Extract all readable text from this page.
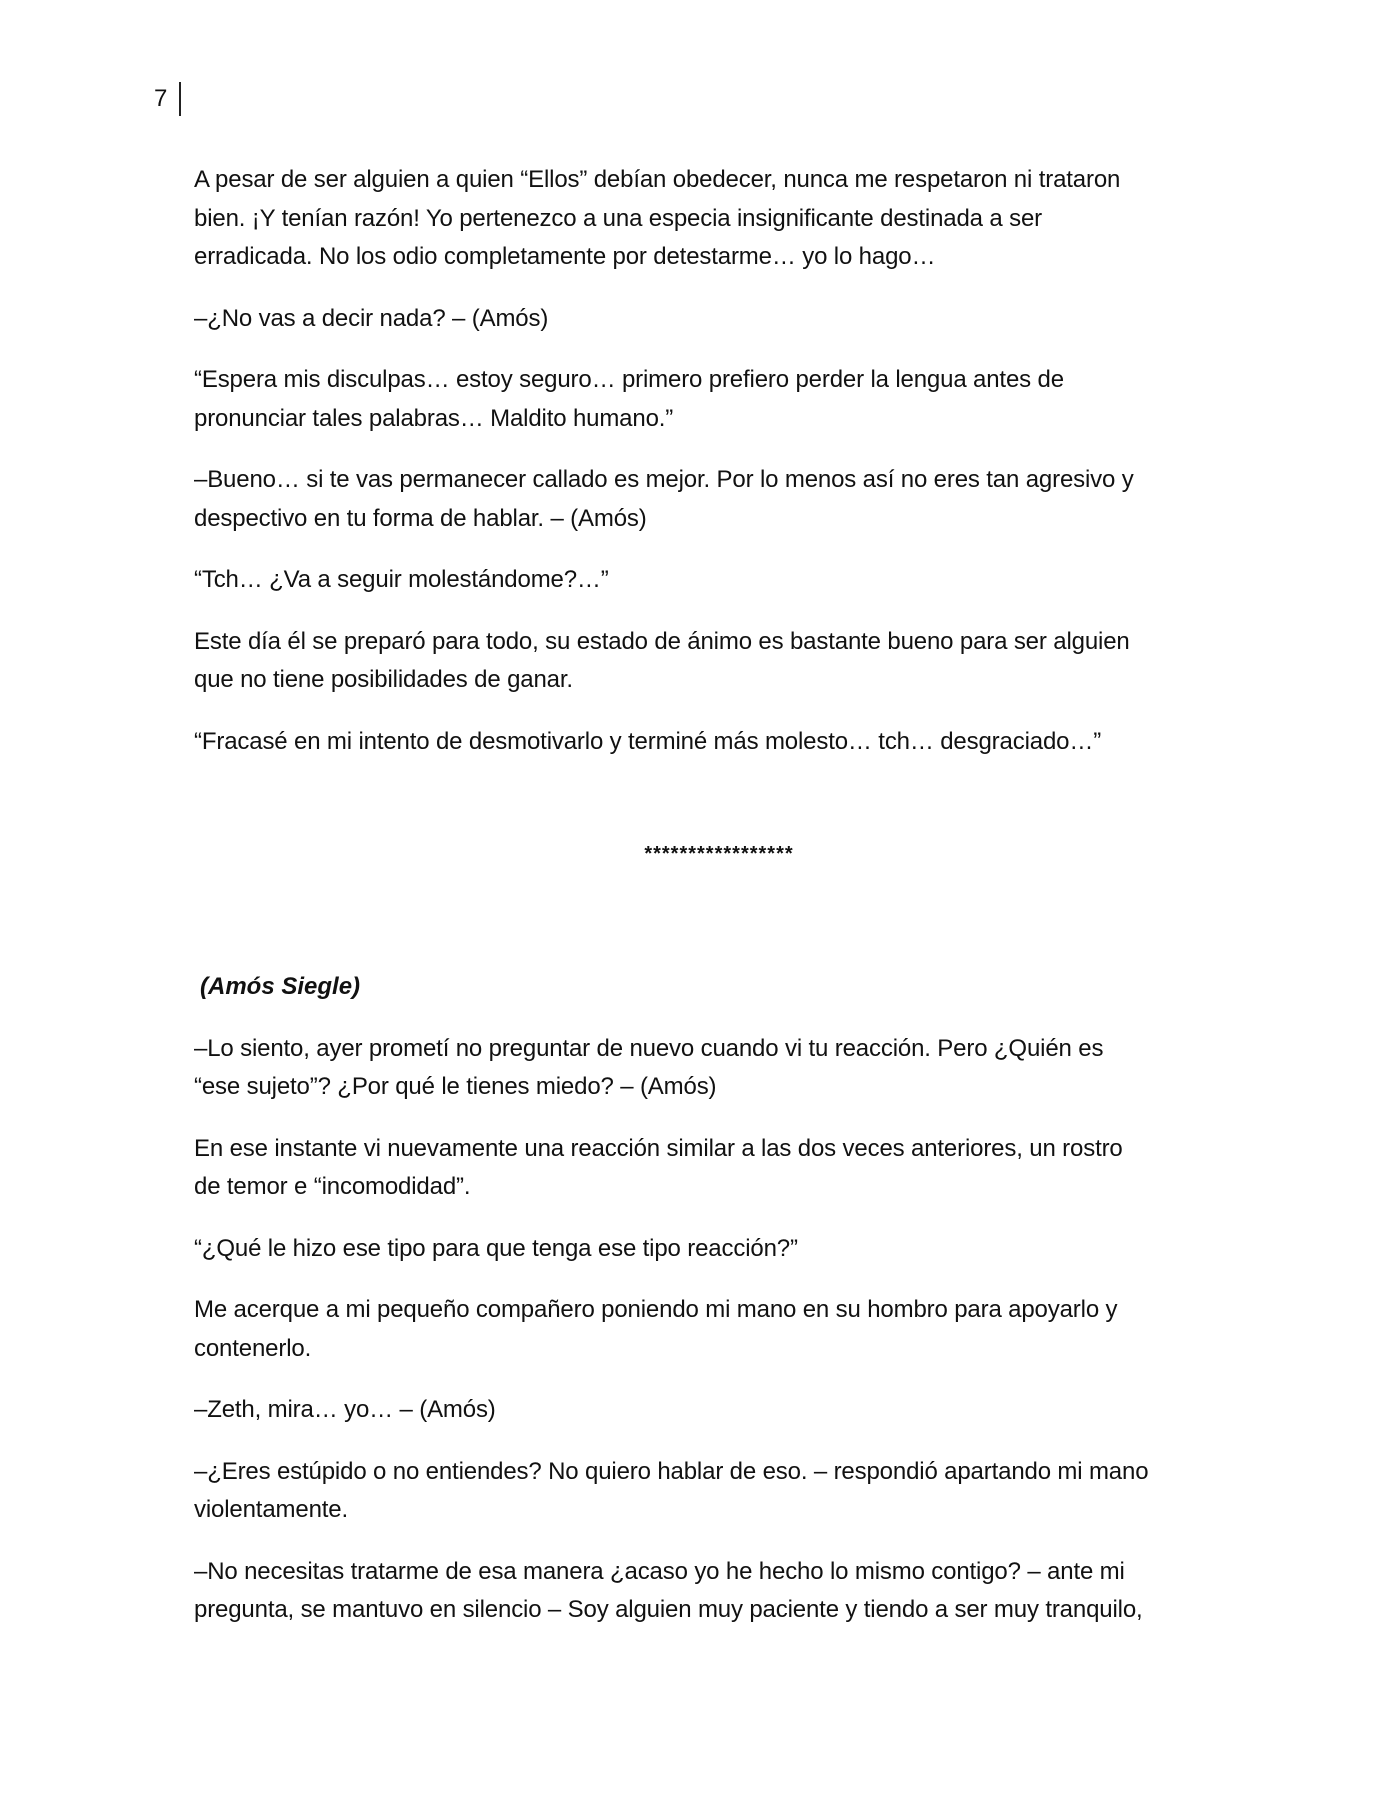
7

A pesar de ser alguien a quien “Ellos” debían obedecer, nunca me respetaron ni trataron
bien. ¡Y tenían razón! Yo pertenezco a una especia insignificante destinada a ser
erradicada. No los odio completamente por detestarme… yo lo hago…

–¿No vas a decir nada? – (Amós)

“Espera mis disculpas… estoy seguro… primero prefiero perder la lengua antes de
pronunciar tales palabras… Maldito humano.”

–Bueno… si te vas permanecer callado es mejor. Por lo menos así no eres tan agresivo y
despectivo en tu forma de hablar. – (Amós)

“Tch… ¿Va a seguir molestándome?…”

Este día él se preparó para todo, su estado de ánimo es bastante bueno para ser alguien
que no tiene posibilidades de ganar.

“Fracasé en mi intento de desmotivarlo y terminé más molesto… tch… desgraciado…”

*****************
(Amós Siegle)

–Lo siento, ayer prometí no preguntar de nuevo cuando vi tu reacción. Pero ¿Quién es
“ese sujeto”? ¿Por qué le tienes miedo? – (Amós)

En ese instante vi nuevamente una reacción similar a las dos veces anteriores, un rostro
de temor e “incomodidad”.

“¿Qué le hizo ese tipo para que tenga ese tipo reacción?”

Me acerque a mi pequeño compañero poniendo mi mano en su hombro para apoyarlo y
contenerlo.

–Zeth, mira… yo… – (Amós)

–¿Eres estúpido o no entiendes? No quiero hablar de eso. – respondió apartando mi mano
violentamente.

–No necesitas tratarme de esa manera ¿acaso yo he hecho lo mismo contigo? – ante mi
pregunta, se mantuvo en silencio – Soy alguien muy paciente y tiendo a ser muy tranquilo,
